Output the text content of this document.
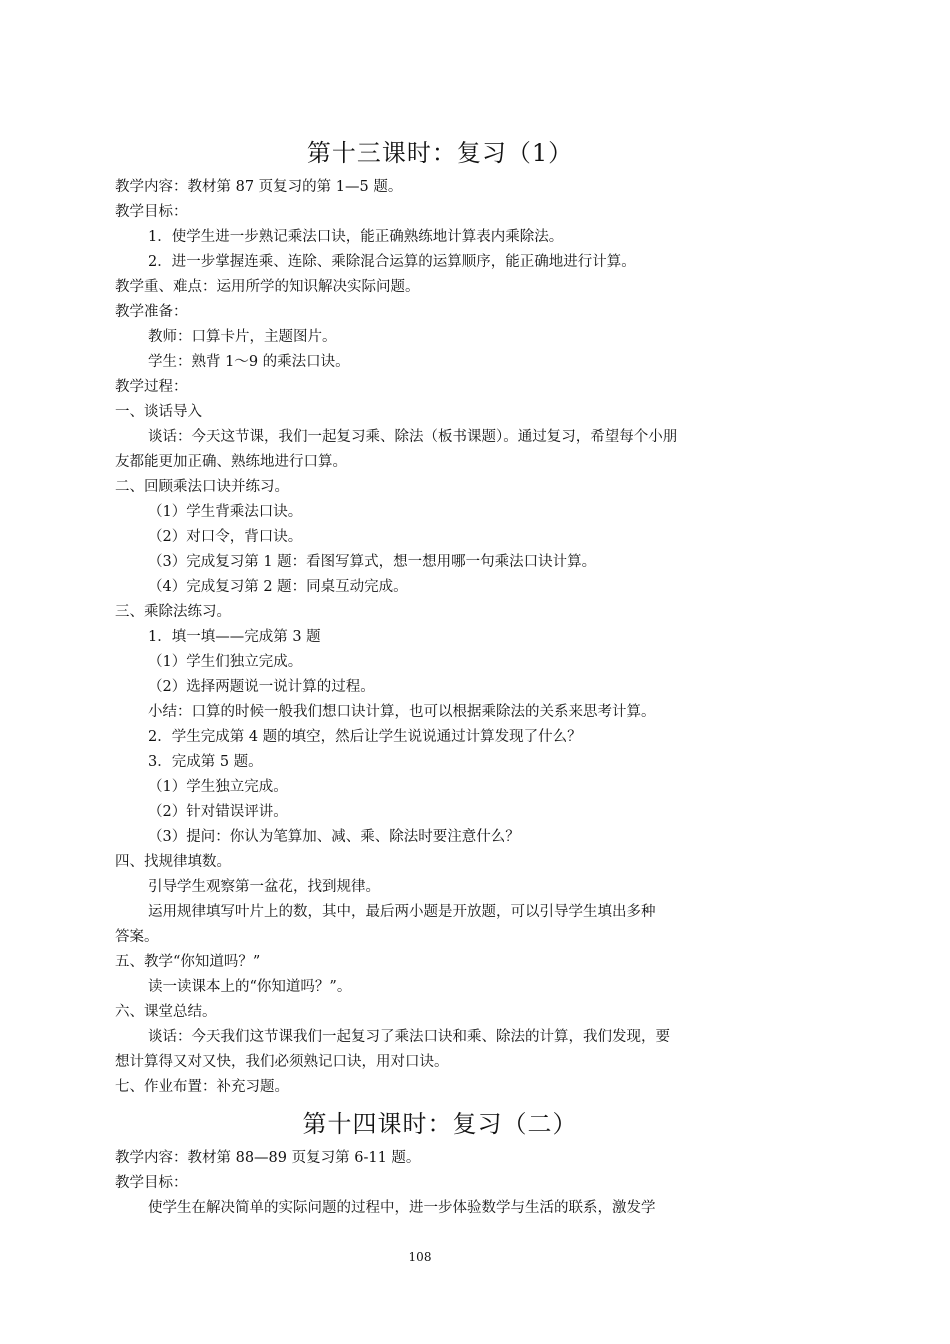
第十三课时：复习（1）
教学内容：教材第 87 页复习的第 1—5 题。
教学目标：
1．使学生进一步熟记乘法口诀，能正确熟练地计算表内乘除法。
2．进一步掌握连乘、连除、乘除混合运算的运算顺序，能正确地进行计算。
教学重、难点：运用所学的知识解决实际问题。
教学准备：
教师：口算卡片，主题图片。
学生：熟背 1～9 的乘法口诀。
教学过程：
一、谈话导入
谈话：今天这节课，我们一起复习乘、除法（板书课题）。通过复习，希望每个小朋
友都能更加正确、熟练地进行口算。
二、回顾乘法口诀并练习。
（1）学生背乘法口诀。
（2）对口令，背口诀。
（3）完成复习第 1 题：看图写算式，想一想用哪一句乘法口诀计算。
（4）完成复习第 2 题：同桌互动完成。
三、乘除法练习。
1．填一填——完成第 3 题
（1）学生们独立完成。
（2）选择两题说一说计算的过程。
小结：口算的时候一般我们想口诀计算，也可以根据乘除法的关系来思考计算。
2．学生完成第 4 题的填空，然后让学生说说通过计算发现了什么？
3．完成第 5 题。
（1）学生独立完成。
（2）针对错误评讲。
（3）提问：你认为笔算加、减、乘、除法时要注意什么？
四、找规律填数。
引导学生观察第一盆花，找到规律。
运用规律填写叶片上的数，其中，最后两小题是开放题，可以引导学生填出多种
答案。
五、教学“你知道吗？”
读一读课本上的“你知道吗？”。
六、课堂总结。
谈话：今天我们这节课我们一起复习了乘法口诀和乘、除法的计算，我们发现，要
想计算得又对又快，我们必须熟记口诀，用对口诀。
七、作业布置：补充习题。
第十四课时：复习（二）
教学内容：教材第 88—89 页复习第 6-11 题。
教学目标：
使学生在解决简单的实际问题的过程中，进一步体验数学与生活的联系，激发学
108
